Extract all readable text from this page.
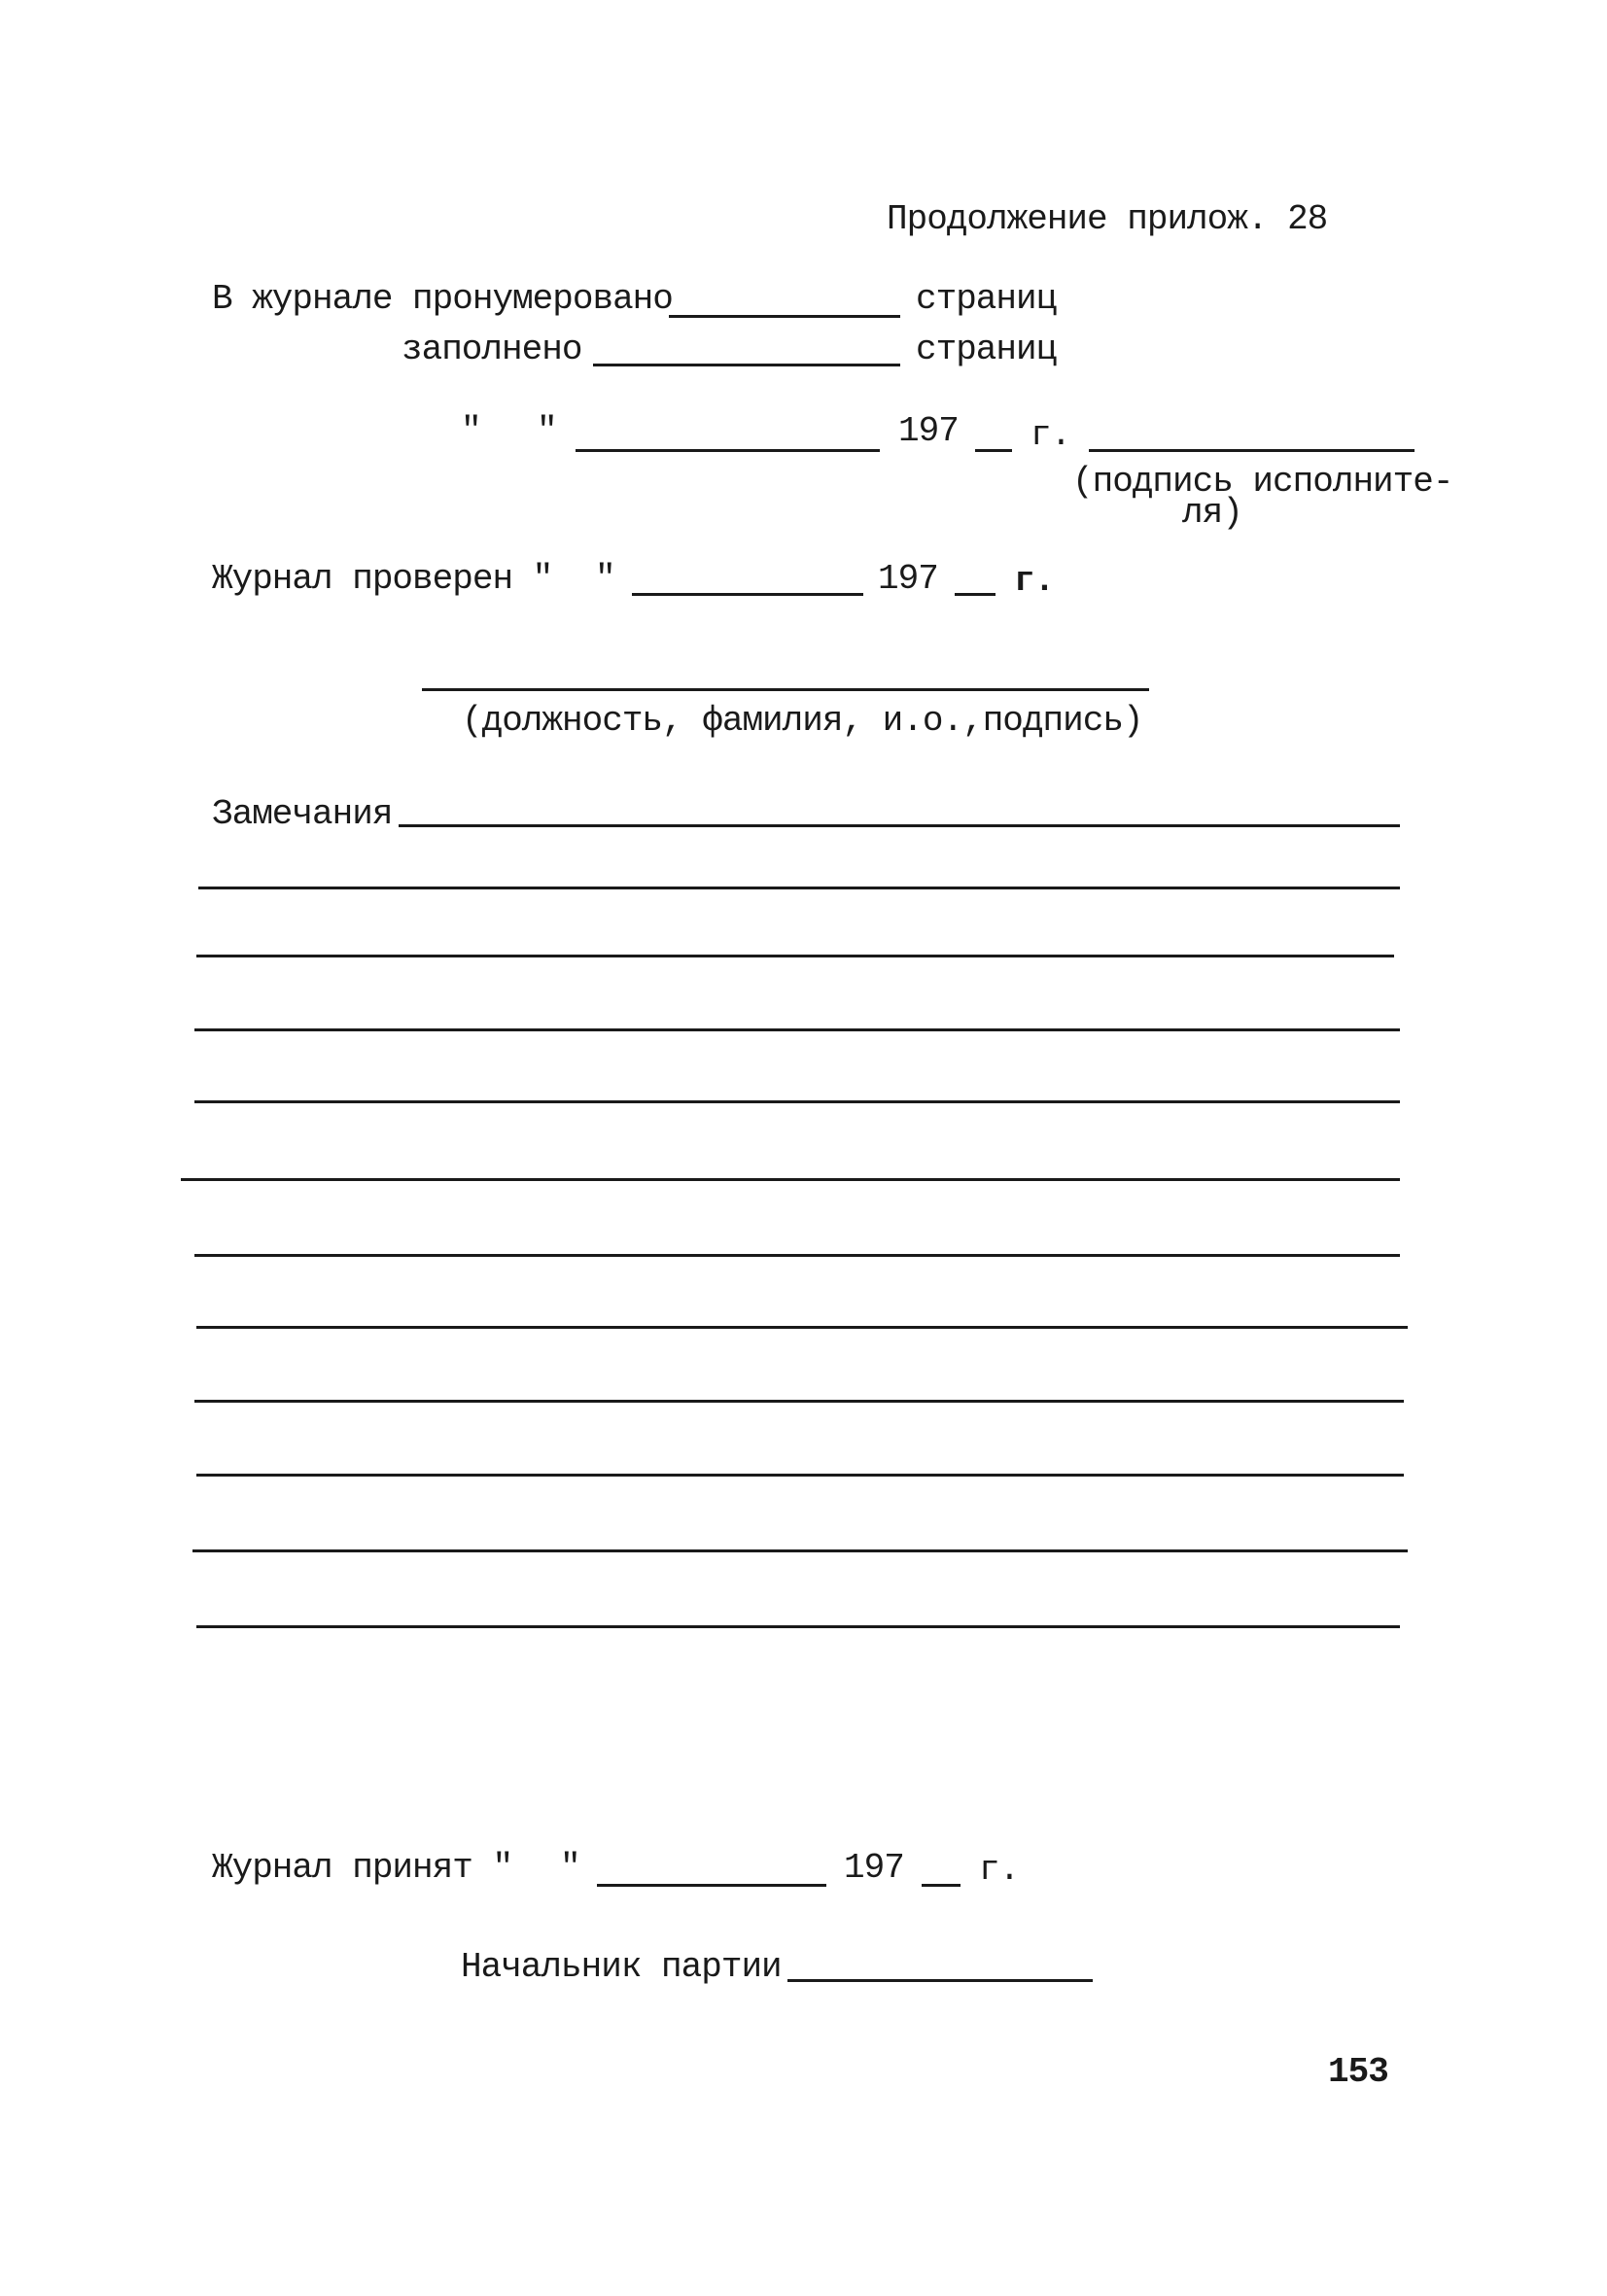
Продолжение прилож. 28
В журнале пронумеровано	страниц
заполнено	страниц
" "	197 г.
(подпись исполните-
ля)
Журнал проверен " "	197 г.
(должность, фамилия, и.о.,подпись)
Замечания
Журнал принят " "	197 г.
Начальник партии
153
